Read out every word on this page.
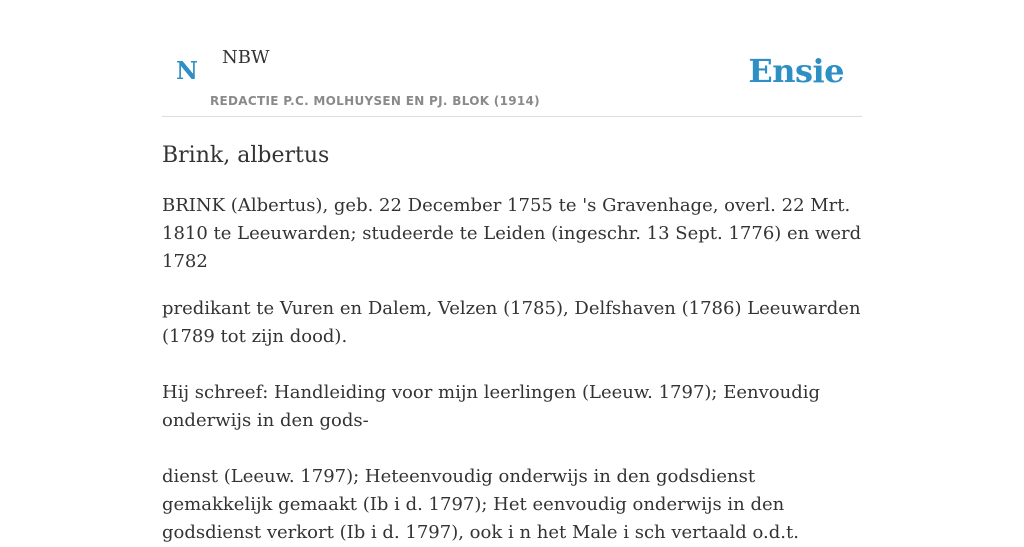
N NBW
REDACTIE P.C. MOLHUYSEN EN PJ. BLOK (1914)
Ensie
Brink, albertus

BRINK (Albertus), geb. 22 December 1755 te 's Gravenhage, overl. 22 Mrt. 1810 te Leeuwarden; studeerde te Leiden (ingeschr. 13 Sept. 1776) en werd 1782

predikant te Vuren en Dalem, Velzen (1785), Delfshaven (1786) Leeuwarden (1789 tot zijn dood).

Hij schreef: Handleiding voor mijn leerlingen (Leeuw. 1797); Eenvoudig onderwijs in den gods-

dienst (Leeuw. 1797); Heteenvoudig onderwijs in den godsdienst gemakkelijk gemaakt (Ib i d. 1797); Het eenvoudig onderwijs in den godsdienst verkort (Ib i d. 1797), ook i n het Male i sch vertaald o.d.t.
